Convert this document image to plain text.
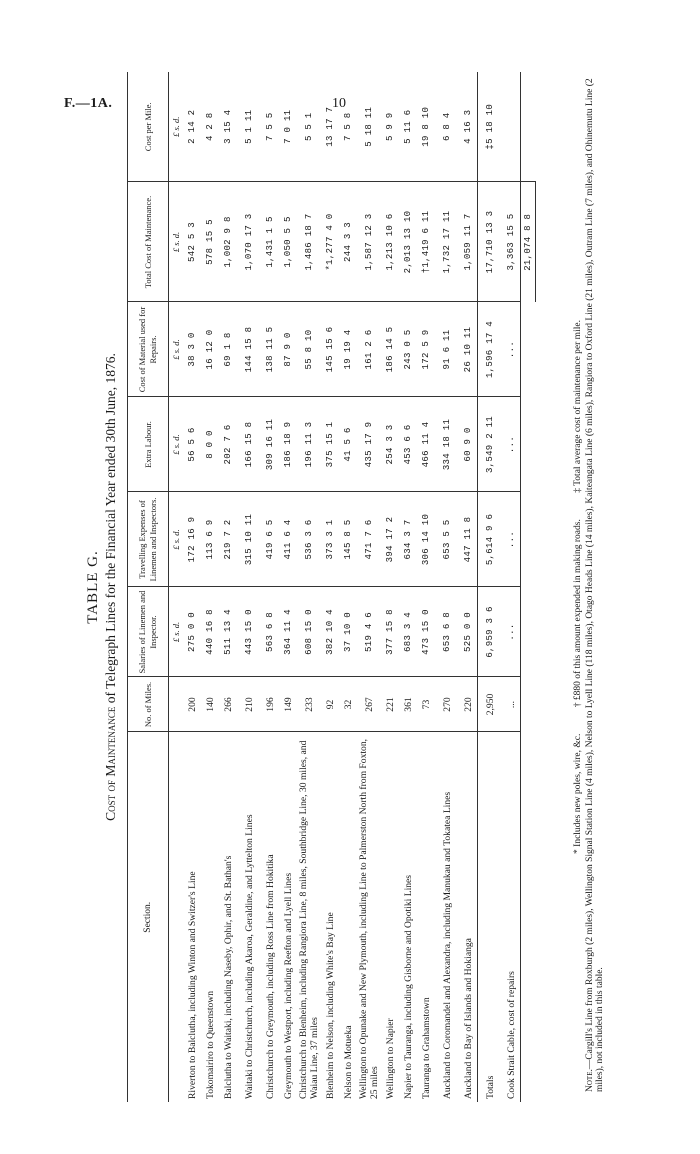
F.—1A.	10
TABLE G.
Cost of Maintenance of Telegraph Lines for the Financial Year ended 30th June, 1876.
Section.	No. of Miles.	Salaries of Linemen and Inspector.	Travelling Expenses of Linemen and Inspectors.	Extra Labour.	Cost of Material used for Repairs.	Total Cost of Maintenance.	Cost per Mile.
		£ s. d.	£ s. d.	£ s. d.	£ s. d.	£ s. d.	£ s. d.
Riverton to Balclutha, including Winton and Switzer's Line	200	275 0 0	172 16 9	56 5 6	38 3 0	542 5 3	2 14 2
Tokomairiro to Queenstown	140	440 16 8	113 6 9	8 0 0	16 12 0	578 15 5	4 2 8
Balclutha to Waitaki, including Naseby, Ophir, and St. Bathan's	266	511 13 4	219 7 2	202 7 6	69 1 8	1,002 9 8	3 15 4
Waitaki to Christchurch, including Akaroa, Geraldine, and Lyttelton Lines	210	443 15 0	315 10 11	166 15 8	144 15 8	1,070 17 3	5 1 11
Christchurch to Greymouth, including Ross Line from Hokitika	196	563 6 8	419 6 5	309 16 11	138 11 5	1,431 1 5	7 5 5
Greymouth to Westport, including Reefton and Lyell Lines	149	364 11 4	411 6 4	186 18 9	87 9 0	1,050 5 5	7 0 11
Christchurch to Blenheim, including Rangiora Line, 8 miles, Southbridge Line, 30 miles, and Waiau Line, 37 miles	233	608 15 0	536 3 6	196 11 3	55 8 10	1,486 18 7	5 5 1
Blenheim to Nelson, including White's Bay Line	92	382 10 4	373 3 1	375 15 1	145 15 6	*1,277 4 0	13 17 7
Nelson to Motueka	32	37 10 0	145 8 5	41 5 6	19 19 4	244 3 3	7 5 8
Wellington to Opunake and New Plymouth, including Line to Palmerston North from Foxton, 25 miles	267	519 4 6	471 7 6	435 17 9	161 2 6	1,587 12 3	5 18 11
Wellington to Napier	221	377 15 8	394 17 2	254 3 3	186 14 5	1,213 10 6	5 9 9
Napier to Tauranga, including Gisborne and Opotiki Lines	361	683 3 4	634 3 7	453 6 6	243 0 5	2,013 13 10	5 11 6
Tauranga to Grahamstown	73	473 15 0	306 14 10	466 11 4	172 5 9	†1,419 6 11	19 8 10
Auckland to Coromandel and Alexandra, including Manukau and Tokatea Lines	270	653 6 8	653 5 5	334 18 11	91 6 11	1,732 17 11	6 8 4
Auckland to Bay of Islands and Hokianga	220	525 0 0	447 11 8	60 9 0	26 10 11	1,059 11 7	4 16 3
Totals	2,950	6,959 3 6	5,614 9 6	3,549 2 11	1,596 17 4	17,710 13 3	‡5 18 10
Cook Strait Cable, cost of repairs	...	...	...	...	...	3,363 15 5	
						21,074 8 8	
* Includes new poles, wire, &c. † £880 of this amount expended in making roads. ‡ Total average cost of maintenance per mile.
Note.—Cargill's Line from Roxburgh (2 miles), Wellington Signal Station Line (4 miles), Nelson to Lyell Line (118 miles), Otago Heads Line (14 miles), Kaiteangata Line (6 miles), Rangiora to Oxford Line (21 miles), Outram Line (7 miles), and Ohinemutu Line (2 miles), not included in this table.
